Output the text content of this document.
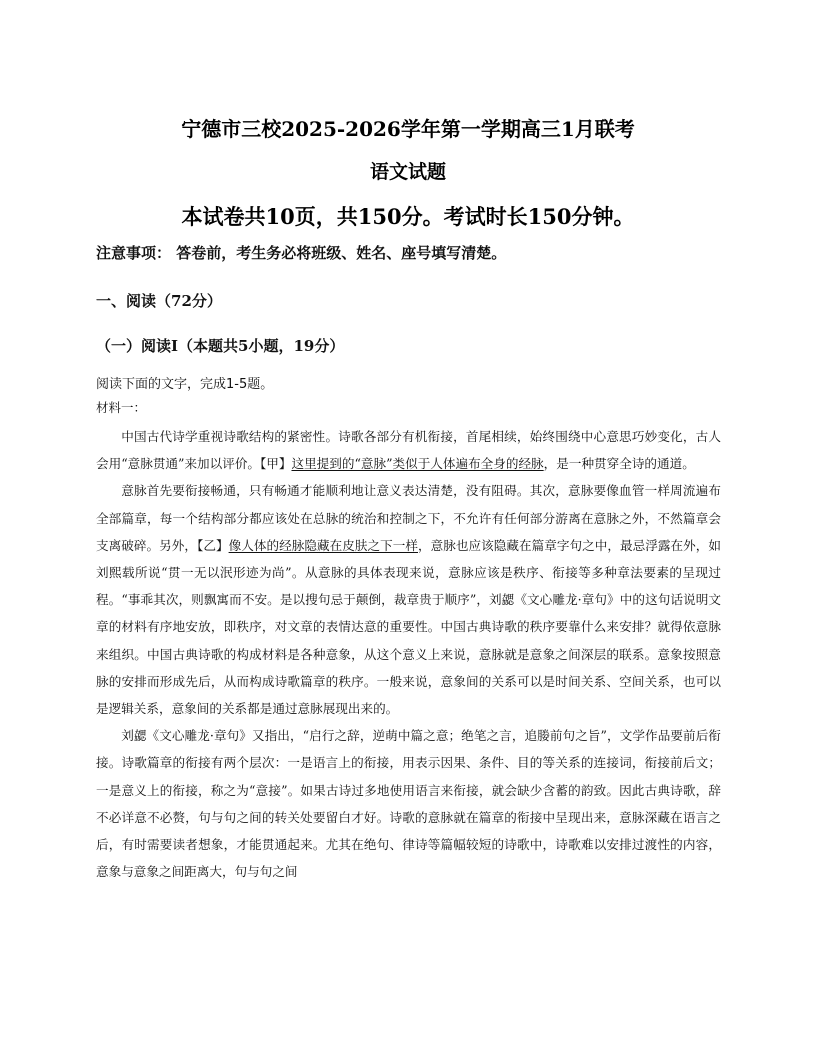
宁德市三校2025-2026学年第一学期高三1月联考
语文试题
本试卷共10页，共150分。考试时长150分钟。
注意事项： 答卷前，考生务必将班级、姓名、座号填写清楚。
一、阅读（72分）
（一）阅读Ⅰ（本题共5小题，19分）
阅读下面的文字，完成1-5题。
材料一：

中国古代诗学重视诗歌结构的紧密性。诗歌各部分有机衔接，首尾相续，始终围绕中心意思巧妙变化，古人会用“意脉贯通”来加以评价。【甲】这里提到的“意脉”类似于人体遍布全身的经脉，是一种贯穿全诗的通道。

意脉首先要衔接畅通，只有畅通才能顺利地让意义表达清楚，没有阻碍。其次，意脉要像血管一样周流遍布全部篇章，每一个结构部分都应该处在总脉的统治和控制之下，不允许有任何部分游离在意脉之外，不然篇章会支离破碎。另外，【乙】像人体的经脉隐藏在皮肤之下一样，意脉也应该隐藏在篇章字句之中，最忌浮露在外，如刘熙载所说“贯一无以泯形迹为尚”。从意脉的具体表现来说，意脉应该是秩序、衔接等多种章法要素的呈现过程。“事乖其次，则飘寓而不安。是以搜句忌于颠倒，裁章贵于顺序”，刘勰《文心雕龙·章句》中的这句话说明文章的材料有序地安放，即秩序，对文章的表情达意的重要性。中国古典诗歌的秩序要靠什么来安排？就得依意脉来组织。中国古典诗歌的构成材料是各种意象，从这个意义上来说，意脉就是意象之间深层的联系。意象按照意脉的安排而形成先后，从而构成诗歌篇章的秩序。一般来说，意象间的关系可以是时间关系、空间关系，也可以是逻辑关系，意象间的关系都是通过意脉展现出来的。

刘勰《文心雕龙·章句》又指出，“启行之辞，逆萌中篇之意；绝笔之言，追媵前句之旨”，文学作品要前后衔接。诗歌篇章的衔接有两个层次：一是语言上的衔接，用表示因果、条件、目的等关系的连接词，衔接前后文；一是意义上的衔接，称之为“意接”。如果古诗过多地使用语言来衔接，就会缺少含蓄的韵致。因此古典诗歌，辞不必详意不必赘，句与句之间的转关处要留白才好。诗歌的意脉就在篇章的衔接中呈现出来，意脉深藏在语言之后，有时需要读者想象，才能贯通起来。尤其在绝句、律诗等篇幅较短的诗歌中，诗歌难以安排过渡性的内容，意象与意象之间距离大，句与句之间
